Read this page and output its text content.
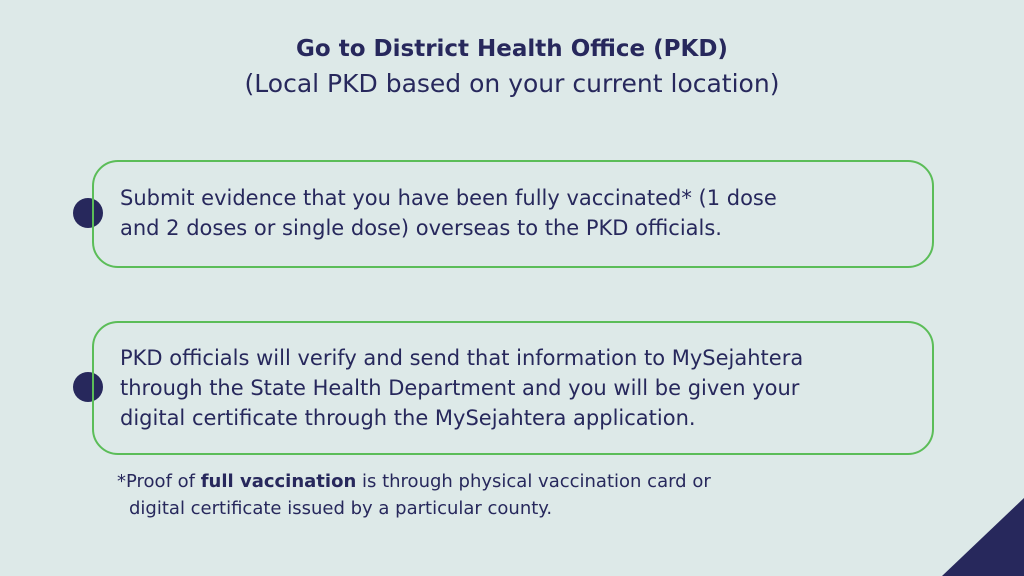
Go to District Health Office (PKD)
(Local PKD based on your current location)
Submit evidence that you have been fully vaccinated* (1 dose
and 2 doses or single dose) overseas to the PKD officials.
PKD officials will verify and send that information to MySejahtera
through the State Health Department and you will be given your
digital certificate through the MySejahtera application.
*Proof of full vaccination is through physical vaccination card or
digital certificate issued by a particular county.
